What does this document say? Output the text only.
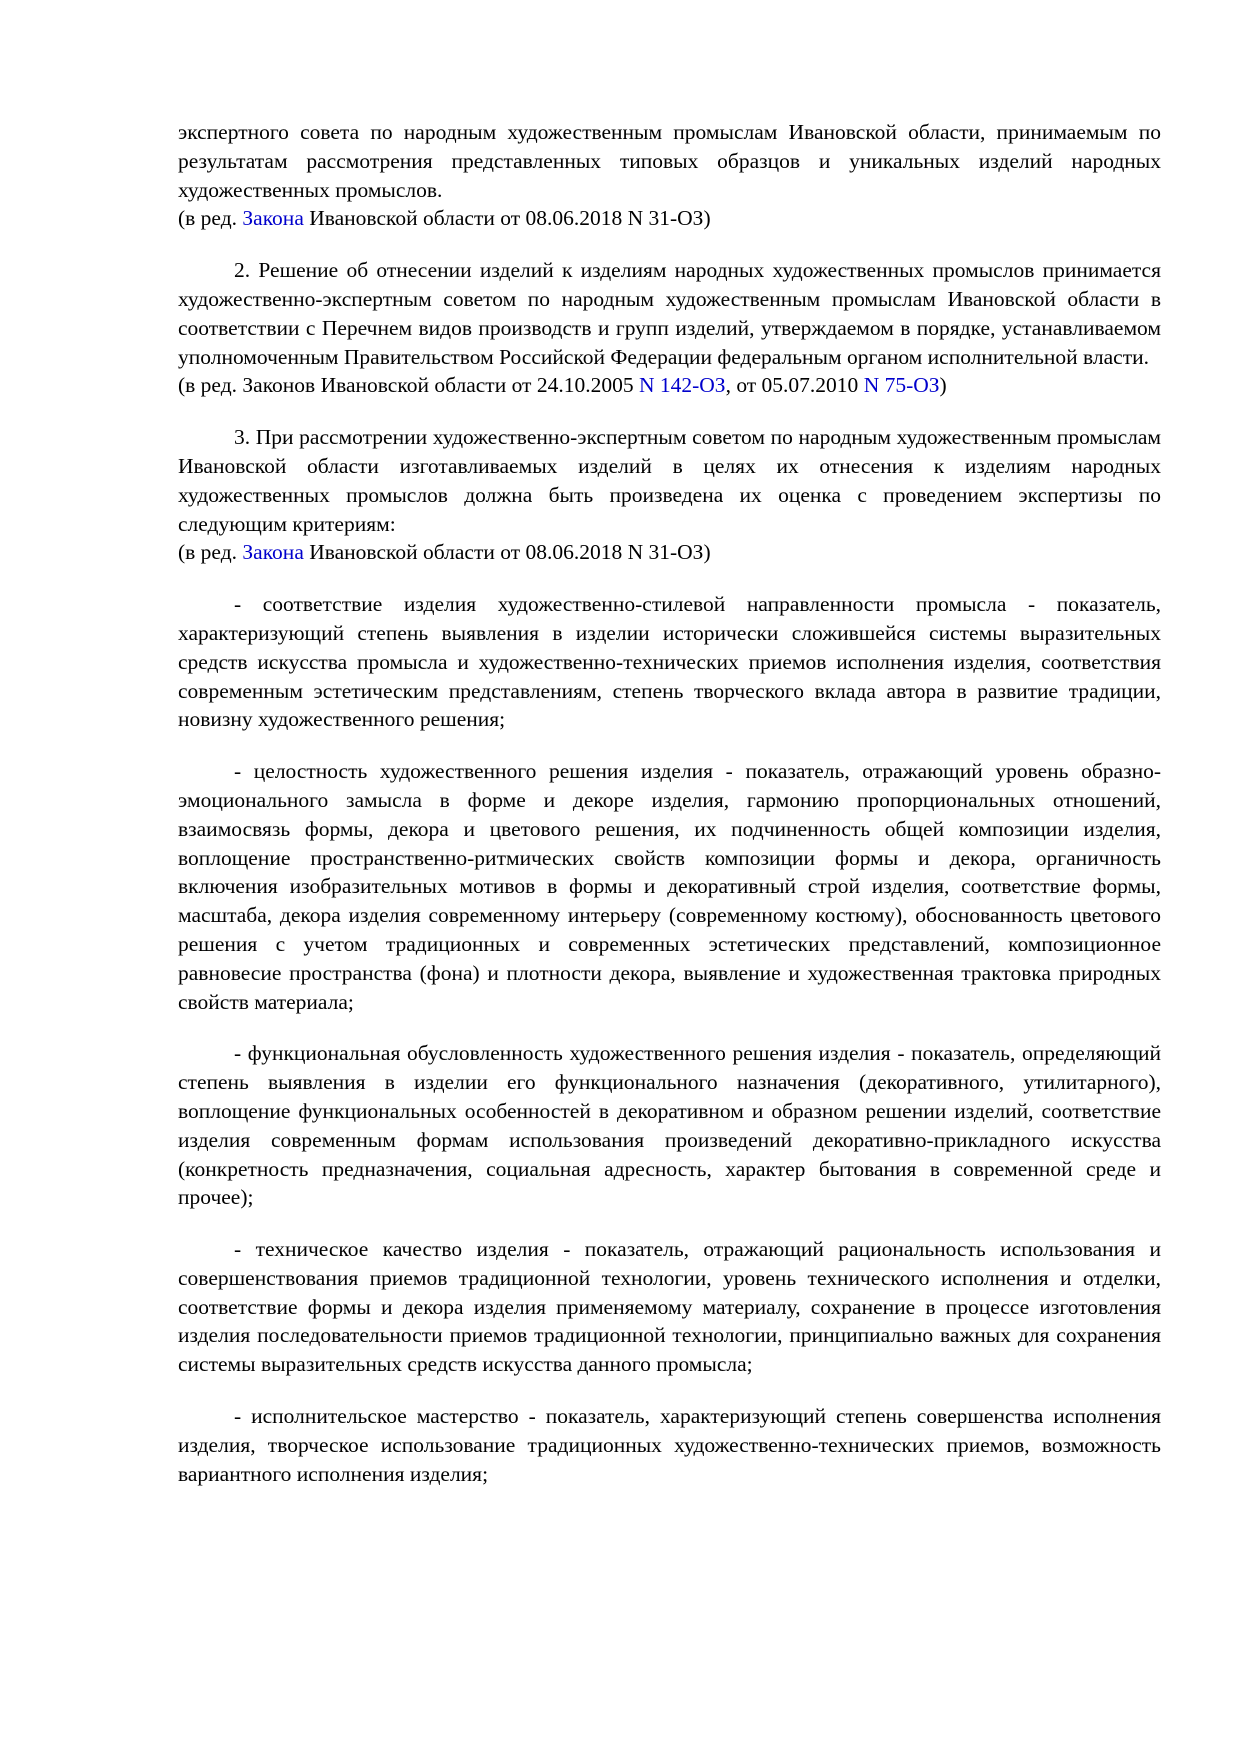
экспертного совета по народным художественным промыслам Ивановской области, принимаемым по результатам рассмотрения представленных типовых образцов и уникальных изделий народных художественных промыслов.

(в ред. Закона Ивановской области от 08.06.2018 N 31-ОЗ)

2. Решение об отнесении изделий к изделиям народных художественных промыслов принимается художественно-экспертным советом по народным художественным промыслам Ивановской области в соответствии с Перечнем видов производств и групп изделий, утверждаемом в порядке, устанавливаемом уполномоченным Правительством Российской Федерации федеральным органом исполнительной власти.

(в ред. Законов Ивановской области от 24.10.2005 N 142-ОЗ, от 05.07.2010 N 75-ОЗ)

3. При рассмотрении художественно-экспертным советом по народным художественным промыслам Ивановской области изготавливаемых изделий в целях их отнесения к изделиям народных художественных промыслов должна быть произведена их оценка с проведением экспертизы по следующим критериям:

(в ред. Закона Ивановской области от 08.06.2018 N 31-ОЗ)

- соответствие изделия художественно-стилевой направленности промысла - показатель, характеризующий степень выявления в изделии исторически сложившейся системы выразительных средств искусства промысла и художественно-технических приемов исполнения изделия, соответствия современным эстетическим представлениям, степень творческого вклада автора в развитие традиции, новизну художественного решения;

- целостность художественного решения изделия - показатель, отражающий уровень образно-эмоционального замысла в форме и декоре изделия, гармонию пропорциональных отношений, взаимосвязь формы, декора и цветового решения, их подчиненность общей композиции изделия, воплощение пространственно-ритмических свойств композиции формы и декора, органичность включения изобразительных мотивов в формы и декоративный строй изделия, соответствие формы, масштаба, декора изделия современному интерьеру (современному костюму), обоснованность цветового решения с учетом традиционных и современных эстетических представлений, композиционное равновесие пространства (фона) и плотности декора, выявление и художественная трактовка природных свойств материала;

- функциональная обусловленность художественного решения изделия - показатель, определяющий степень выявления в изделии его функционального назначения (декоративного, утилитарного), воплощение функциональных особенностей в декоративном и образном решении изделий, соответствие изделия современным формам использования произведений декоративно-прикладного искусства (конкретность предназначения, социальная адресность, характер бытования в современной среде и прочее);

- техническое качество изделия - показатель, отражающий рациональность использования и совершенствования приемов традиционной технологии, уровень технического исполнения и отделки, соответствие формы и декора изделия применяемому материалу, сохранение в процессе изготовления изделия последовательности приемов традиционной технологии, принципиально важных для сохранения системы выразительных средств искусства данного промысла;

- исполнительское мастерство - показатель, характеризующий степень совершенства исполнения изделия, творческое использование традиционных художественно-технических приемов, возможность вариантного исполнения изделия;
